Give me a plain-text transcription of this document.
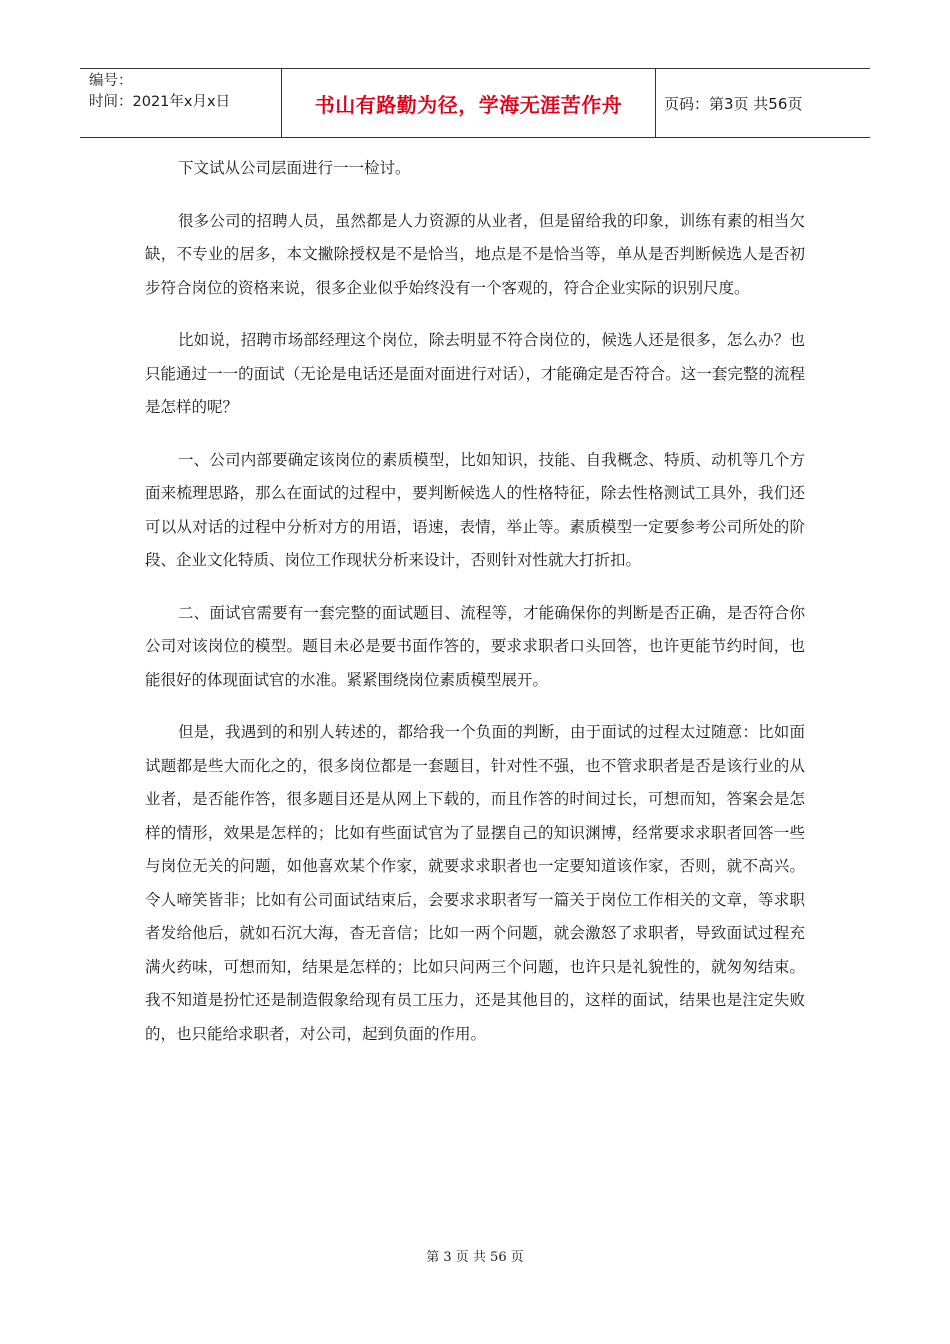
编号：
时间：2021年x月x日	书山有路勤为径，学海无涯苦作舟	页码：第3页 共56页

下文试从公司层面进行一一检讨。

很多公司的招聘人员，虽然都是人力资源的从业者，但是留给我的印象，训练有素的相当欠缺，不专业的居多，本文撇除授权是不是恰当，地点是不是恰当等，单从是否判断候选人是否初步符合岗位的资格来说，很多企业似乎始终没有一个客观的，符合企业实际的识别尺度。

比如说，招聘市场部经理这个岗位，除去明显不符合岗位的，候选人还是很多，怎么办？也只能通过一一的面试（无论是电话还是面对面进行对话），才能确定是否符合。这一套完整的流程是怎样的呢？

一、公司内部要确定该岗位的素质模型，比如知识，技能、自我概念、特质、动机等几个方面来梳理思路，那么在面试的过程中，要判断候选人的性格特征，除去性格测试工具外，我们还可以从对话的过程中分析对方的用语，语速，表情，举止等。素质模型一定要参考公司所处的阶段、企业文化特质、岗位工作现状分析来设计，否则针对性就大打折扣。

二、面试官需要有一套完整的面试题目、流程等，才能确保你的判断是否正确，是否符合你公司对该岗位的模型。题目未必是要书面作答的，要求求职者口头回答，也许更能节约时间，也能很好的体现面试官的水准。紧紧围绕岗位素质模型展开。

但是，我遇到的和别人转述的，都给我一个负面的判断，由于面试的过程太过随意：比如面试题都是些大而化之的，很多岗位都是一套题目，针对性不强，也不管求职者是否是该行业的从业者，是否能作答，很多题目还是从网上下载的，而且作答的时间过长，可想而知，答案会是怎样的情形，效果是怎样的；比如有些面试官为了显摆自己的知识渊博，经常要求求职者回答一些与岗位无关的问题，如他喜欢某个作家，就要求求职者也一定要知道该作家，否则，就不高兴。令人啼笑皆非；比如有公司面试结束后，会要求求职者写一篇关于岗位工作相关的文章，等求职者发给他后，就如石沉大海，杳无音信；比如一两个问题，就会激怒了求职者，导致面试过程充满火药味，可想而知，结果是怎样的；比如只问两三个问题，也许只是礼貌性的，就匆匆结束。我不知道是扮忙还是制造假象给现有员工压力，还是其他目的，这样的面试，结果也是注定失败的，也只能给求职者，对公司，起到负面的作用。

第 3 页 共 56 页
